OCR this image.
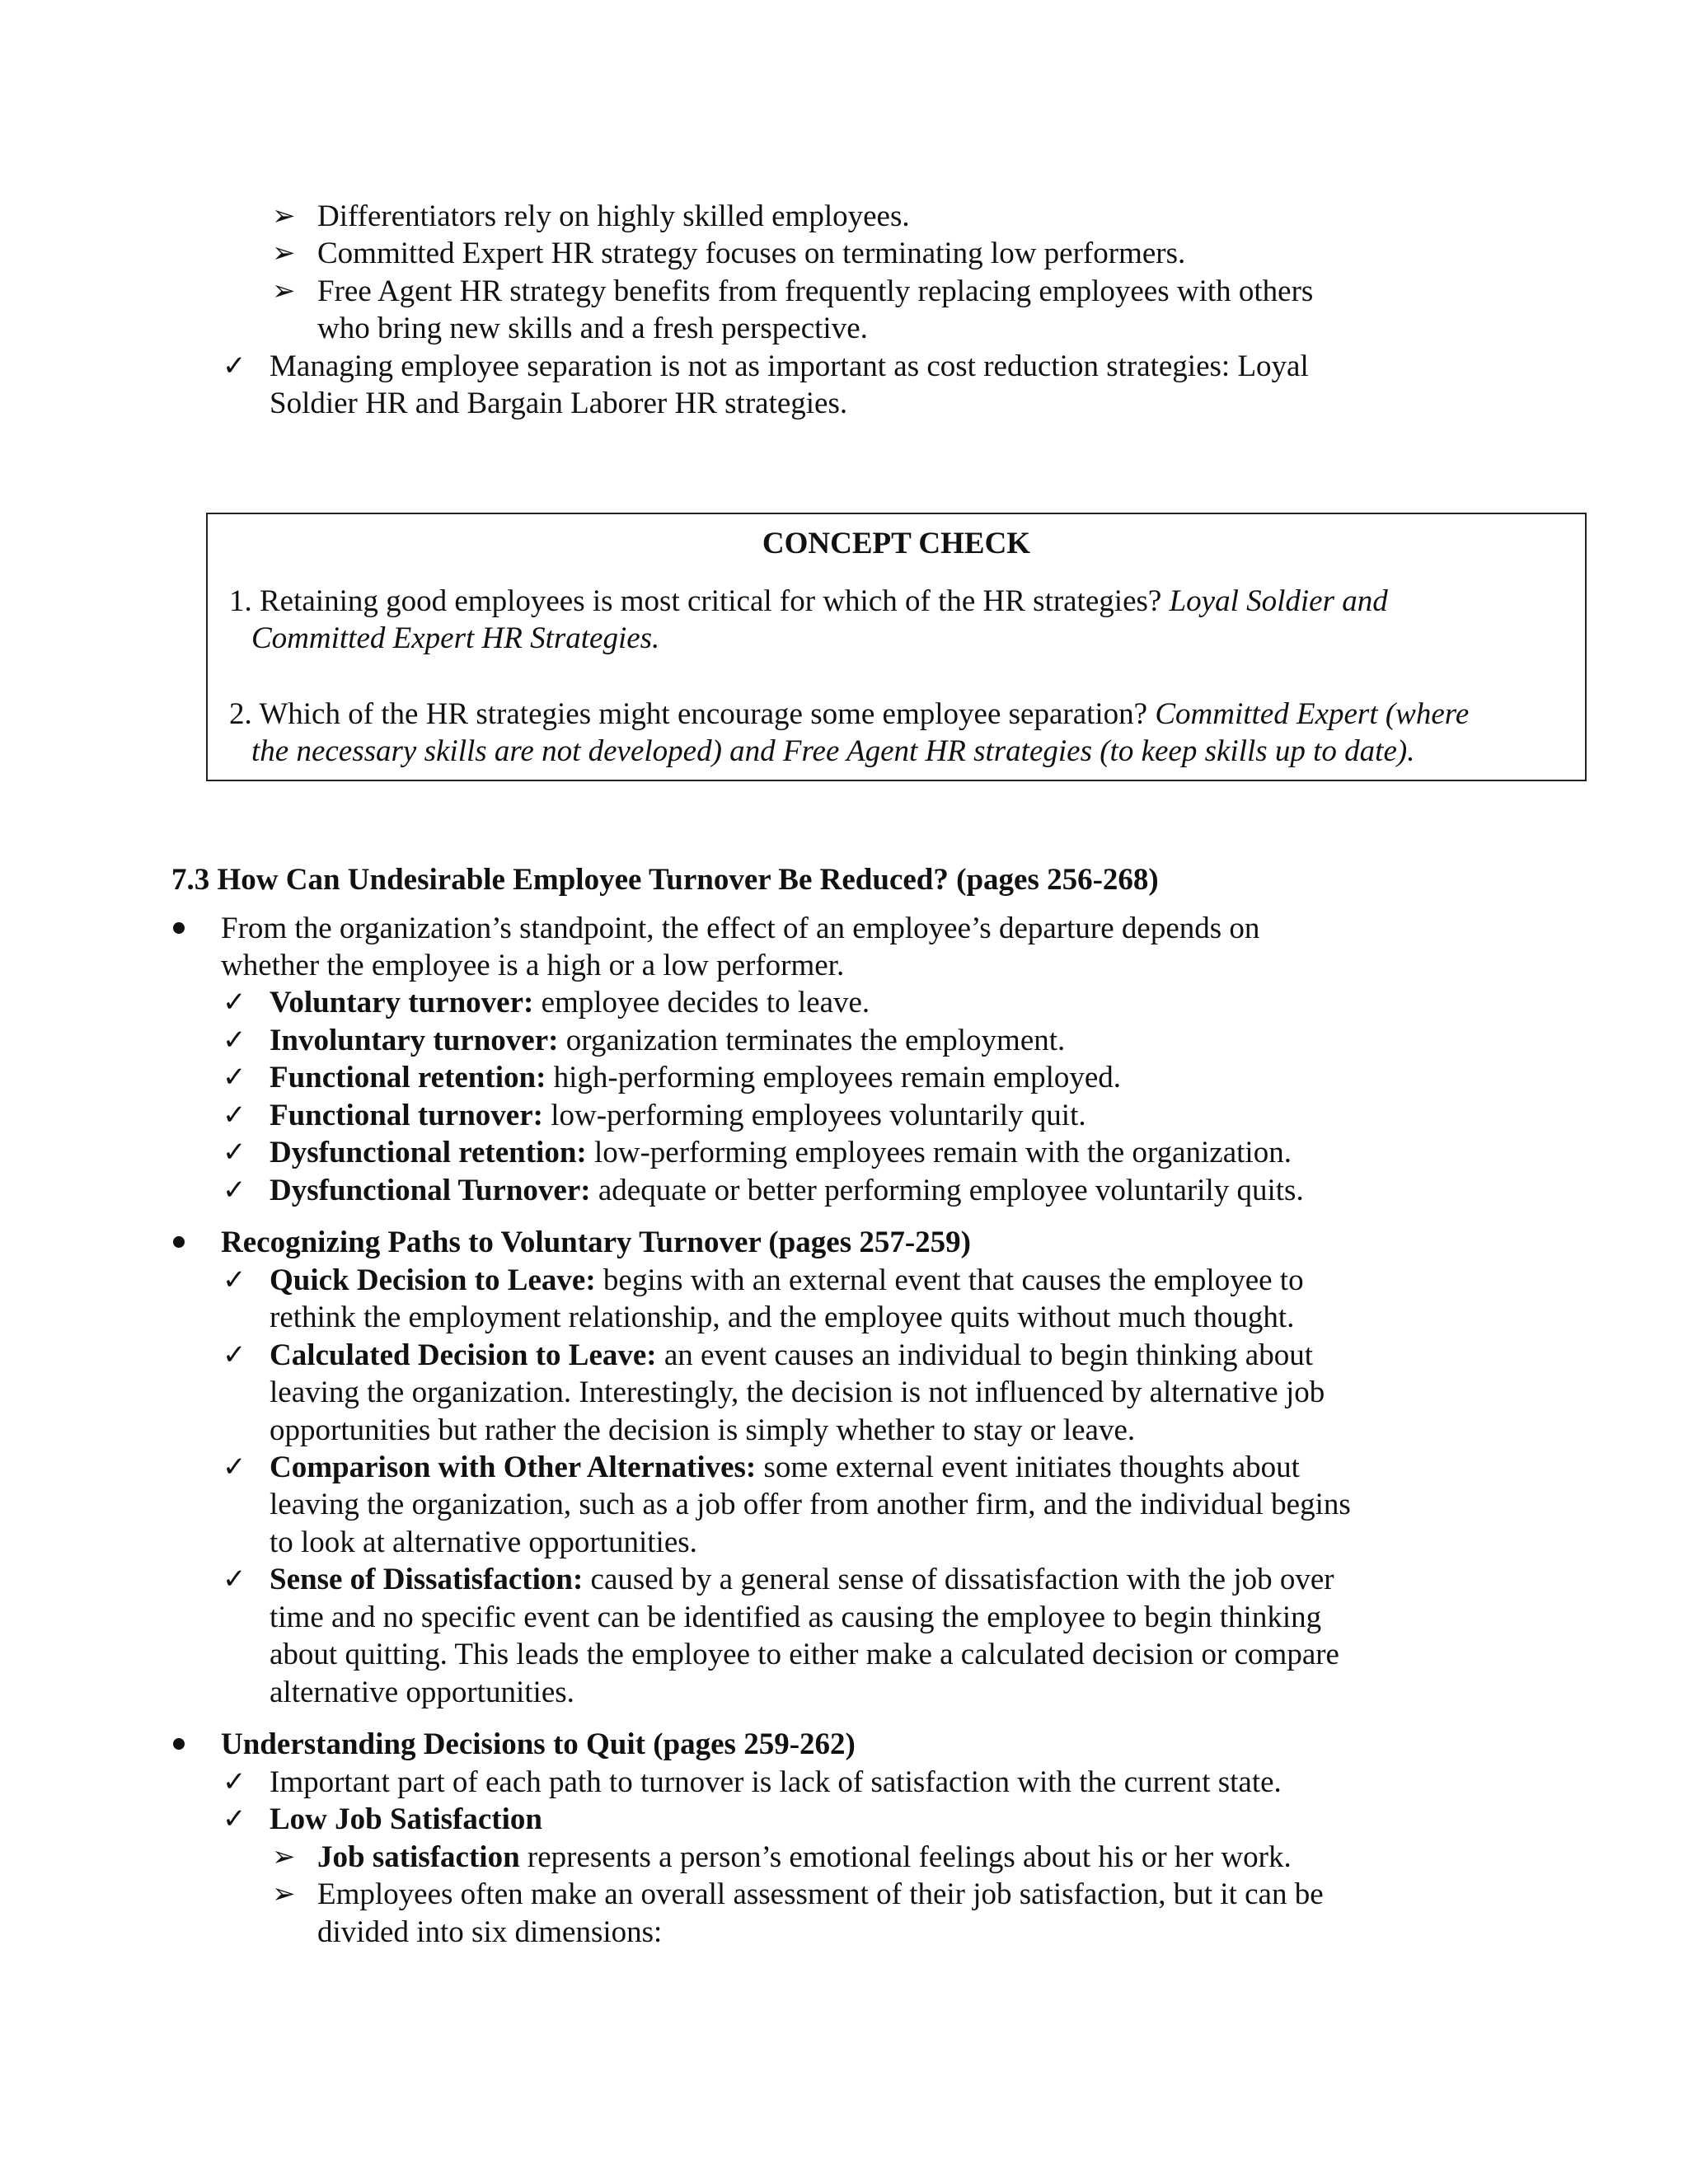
➢ Differentiators rely on highly skilled employees.
➢ Committed Expert HR strategy focuses on terminating low performers.
➢ Free Agent HR strategy benefits from frequently replacing employees with others
who bring new skills and a fresh perspective.
✓ Managing employee separation is not as important as cost reduction strategies: Loyal
Soldier HR and Bargain Laborer HR strategies.
CONCEPT CHECK
1. Retaining good employees is most critical for which of the HR strategies? Loyal Soldier and
Committed Expert HR Strategies.
2. Which of the HR strategies might encourage some employee separation? Committed Expert (where
the necessary skills are not developed) and Free Agent HR strategies (to keep skills up to date).
7.3 How Can Undesirable Employee Turnover Be Reduced? (pages 256-268)
From the organization’s standpoint, the effect of an employee’s departure depends on
whether the employee is a high or a low performer.
✓ Voluntary turnover: employee decides to leave.
✓ Involuntary turnover: organization terminates the employment.
✓ Functional retention: high-performing employees remain employed.
✓ Functional turnover: low-performing employees voluntarily quit.
✓ Dysfunctional retention: low-performing employees remain with the organization.
✓ Dysfunctional Turnover: adequate or better performing employee voluntarily quits.
Recognizing Paths to Voluntary Turnover (pages 257-259)
✓ Quick Decision to Leave: begins with an external event that causes the employee to
rethink the employment relationship, and the employee quits without much thought.
✓ Calculated Decision to Leave: an event causes an individual to begin thinking about
leaving the organization. Interestingly, the decision is not influenced by alternative job
opportunities but rather the decision is simply whether to stay or leave.
✓ Comparison with Other Alternatives: some external event initiates thoughts about
leaving the organization, such as a job offer from another firm, and the individual begins
to look at alternative opportunities.
✓ Sense of Dissatisfaction: caused by a general sense of dissatisfaction with the job over
time and no specific event can be identified as causing the employee to begin thinking
about quitting. This leads the employee to either make a calculated decision or compare
alternative opportunities.
Understanding Decisions to Quit (pages 259-262)
✓ Important part of each path to turnover is lack of satisfaction with the current state.
✓ Low Job Satisfaction
➢ Job satisfaction represents a person’s emotional feelings about his or her work.
➢ Employees often make an overall assessment of their job satisfaction, but it can be
divided into six dimensions:
